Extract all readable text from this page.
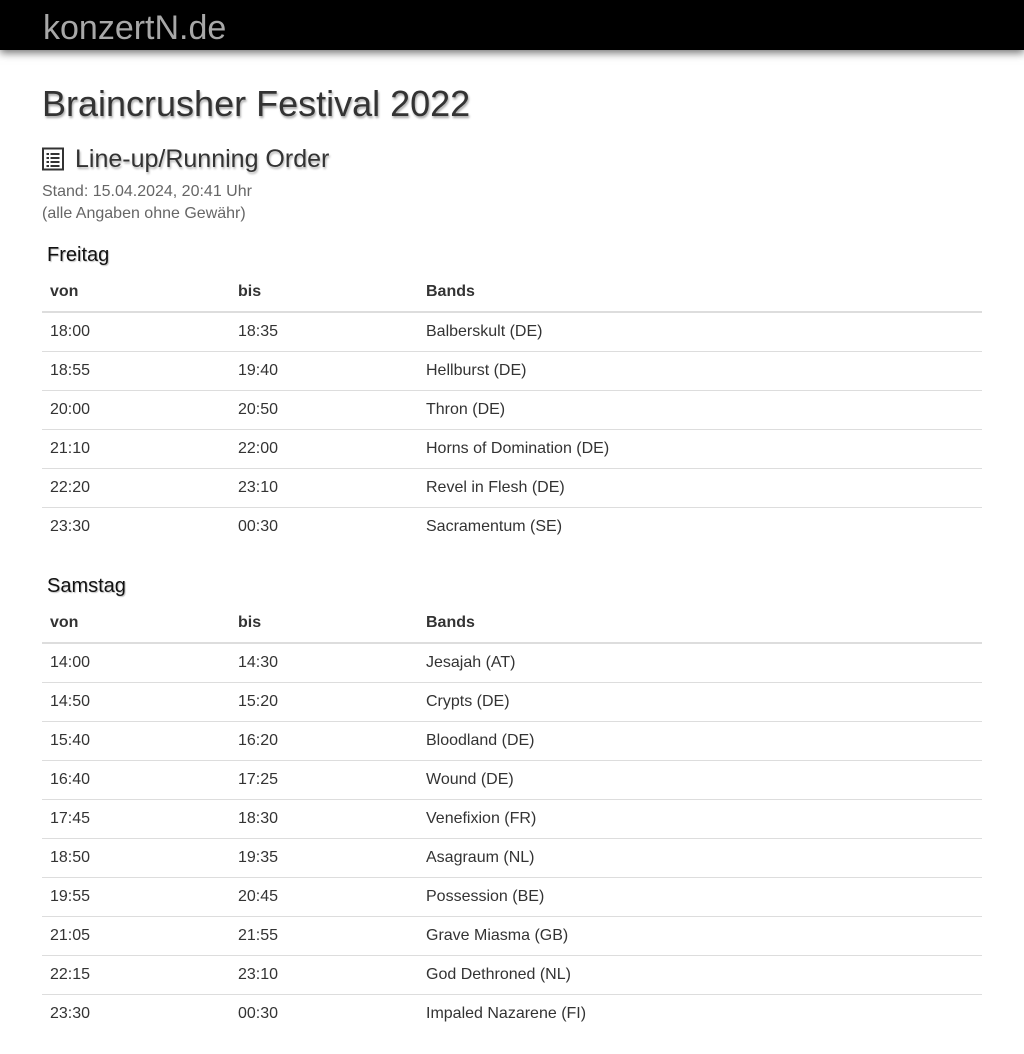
konzertN.de
Braincrusher Festival 2022
Line-up/Running Order
Stand: 15.04.2024, 20:41 Uhr
(alle Angaben ohne Gewähr)
Freitag
von	bis	Bands
18:00	18:35	Balberskult (DE)
18:55	19:40	Hellburst (DE)
20:00	20:50	Thron (DE)
21:10	22:00	Horns of Domination (DE)
22:20	23:10	Revel in Flesh (DE)
23:30	00:30	Sacramentum (SE)
Samstag
von	bis	Bands
14:00	14:30	Jesajah (AT)
14:50	15:20	Crypts (DE)
15:40	16:20	Bloodland (DE)
16:40	17:25	Wound (DE)
17:45	18:30	Venefixion (FR)
18:50	19:35	Asagraum (NL)
19:55	20:45	Possession (BE)
21:05	21:55	Grave Miasma (GB)
22:15	23:10	God Dethroned (NL)
23:30	00:30	Impaled Nazarene (FI)
